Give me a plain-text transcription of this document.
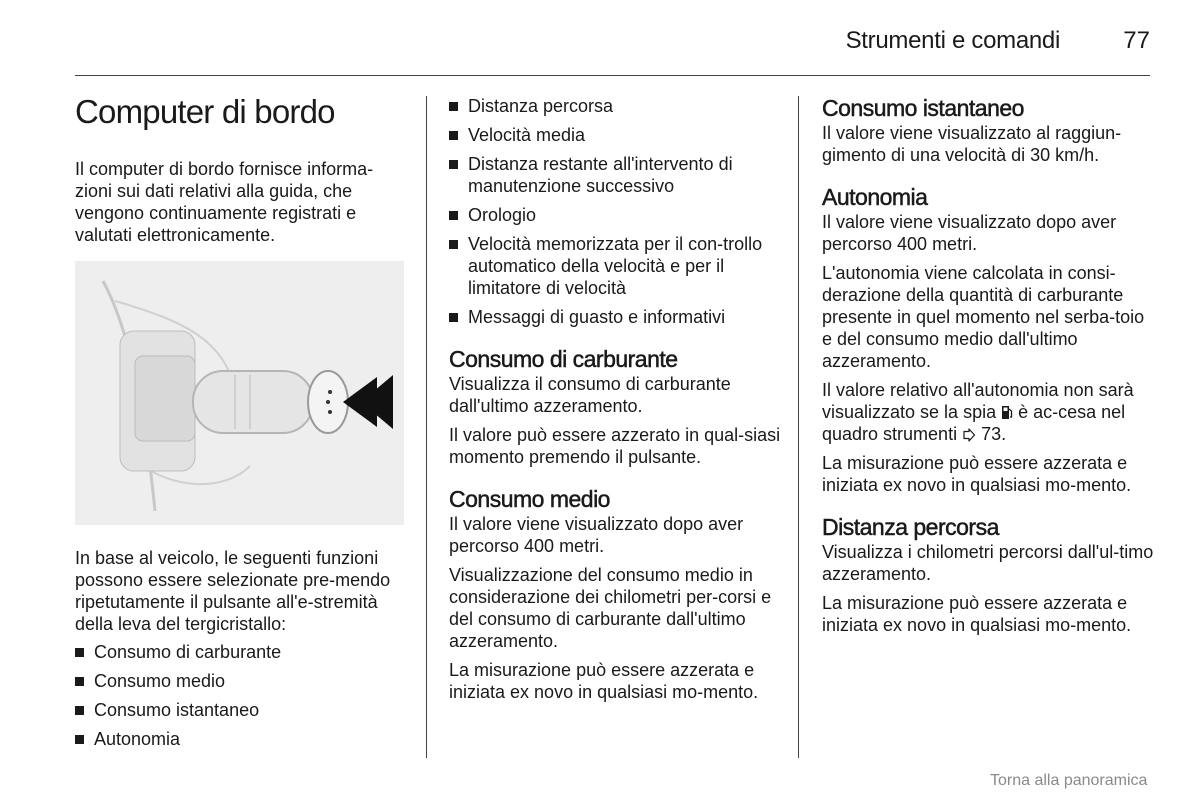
Strumenti e comandi	77
Computer di bordo

Il computer di bordo fornisce informa-zioni sui dati relativi alla guida, che vengono continuamente registrati e valutati elettronicamente.

In base al veicolo, le seguenti funzioni possono essere selezionate pre-mendo ripetutamente il pulsante all'e-stremità della leva del tergicristallo:

Consumo di carburante
Consumo medio
Consumo istantaneo
Autonomia
Distanza percorsa
Velocità media
Distanza restante all'intervento di manutenzione successivo
Orologio
Velocità memorizzata per il con-trollo automatico della velocità e per il limitatore di velocità
Messaggi di guasto e informativi
Consumo di carburante

Visualizza il consumo di carburante dall'ultimo azzeramento.

Il valore può essere azzerato in qual-siasi momento premendo il pulsante.

Consumo medio

Il valore viene visualizzato dopo aver percorso 400 metri.

Visualizzazione del consumo medio in considerazione dei chilometri per-corsi e del consumo di carburante dall'ultimo azzeramento.

La misurazione può essere azzerata e iniziata ex novo in qualsiasi mo-mento.

Consumo istantaneo

Il valore viene visualizzato al raggiun-gimento di una velocità di 30 km/h.

Autonomia

Il valore viene visualizzato dopo aver percorso 400 metri.

L'autonomia viene calcolata in consi-derazione della quantità di carburante presente in quel momento nel serba-toio e del consumo medio dall'ultimo azzeramento.

Il valore relativo all'autonomia non sarà visualizzato se la spia  è ac-cesa nel quadro strumenti  73.

La misurazione può essere azzerata e iniziata ex novo in qualsiasi mo-mento.

Distanza percorsa

Visualizza i chilometri percorsi dall'ul-timo azzeramento.

La misurazione può essere azzerata e iniziata ex novo in qualsiasi mo-mento.

Torna alla panoramica
